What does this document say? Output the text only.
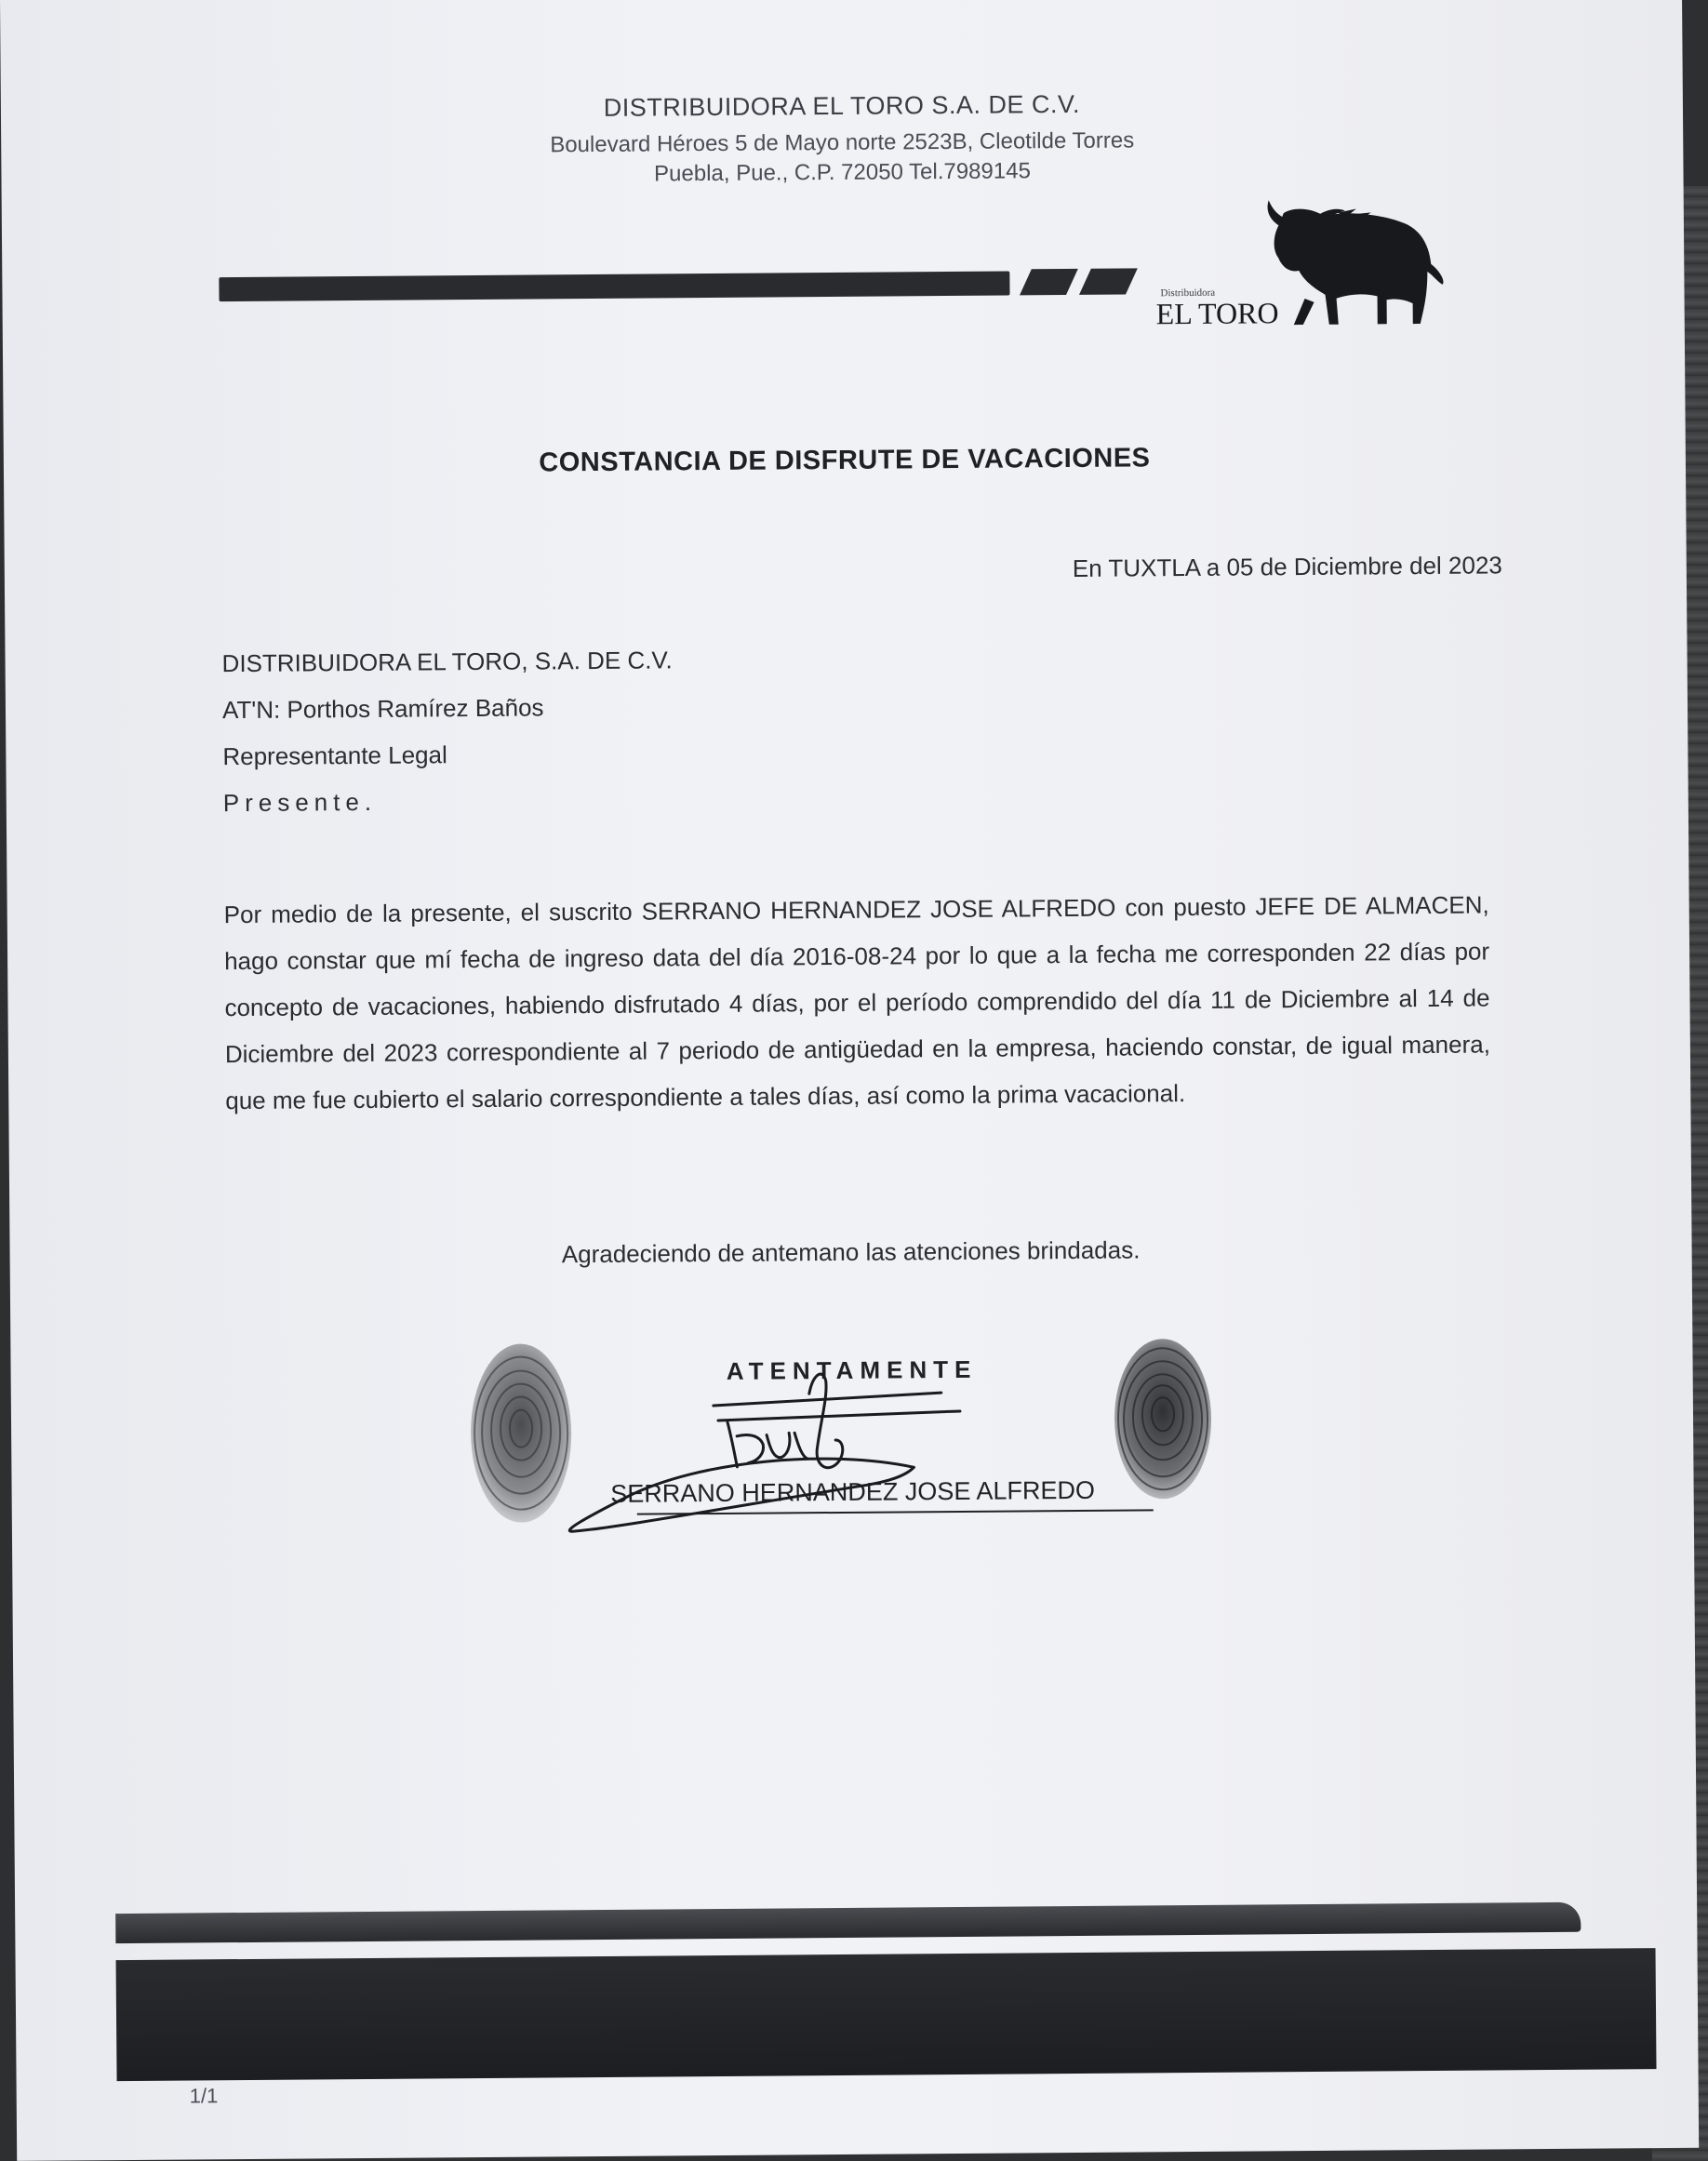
DISTRIBUIDORA EL TORO S.A. DE C.V.
Boulevard Héroes 5 de Mayo norte 2523B, Cleotilde Torres
Puebla, Pue., C.P. 72050 Tel.7989145
Distribuidora
EL TORO
CONSTANCIA DE DISFRUTE DE VACACIONES
En TUXTLA a 05 de Diciembre del 2023
DISTRIBUIDORA EL TORO, S.A. DE C.V.
AT'N: Porthos Ramírez Baños
Representante Legal
Presente.
Por medio de la presente, el suscrito SERRANO HERNANDEZ JOSE ALFREDO con puesto JEFE DE ALMACEN, hago constar que mí fecha de ingreso data del día 2016-08-24 por lo que a la fecha me corresponden 22 días por concepto de vacaciones, habiendo disfrutado 4 días, por el período comprendido del día 11 de Diciembre al 14 de Diciembre del 2023 correspondiente al 7 periodo de antigüedad en la empresa, haciendo constar, de igual manera, que me fue cubierto el salario correspondiente a tales días, así como la prima vacacional.
Agradeciendo de antemano las atenciones brindadas.
ATENTAMENTE
SERRANO HERNANDEZ JOSE ALFREDO
1/1
